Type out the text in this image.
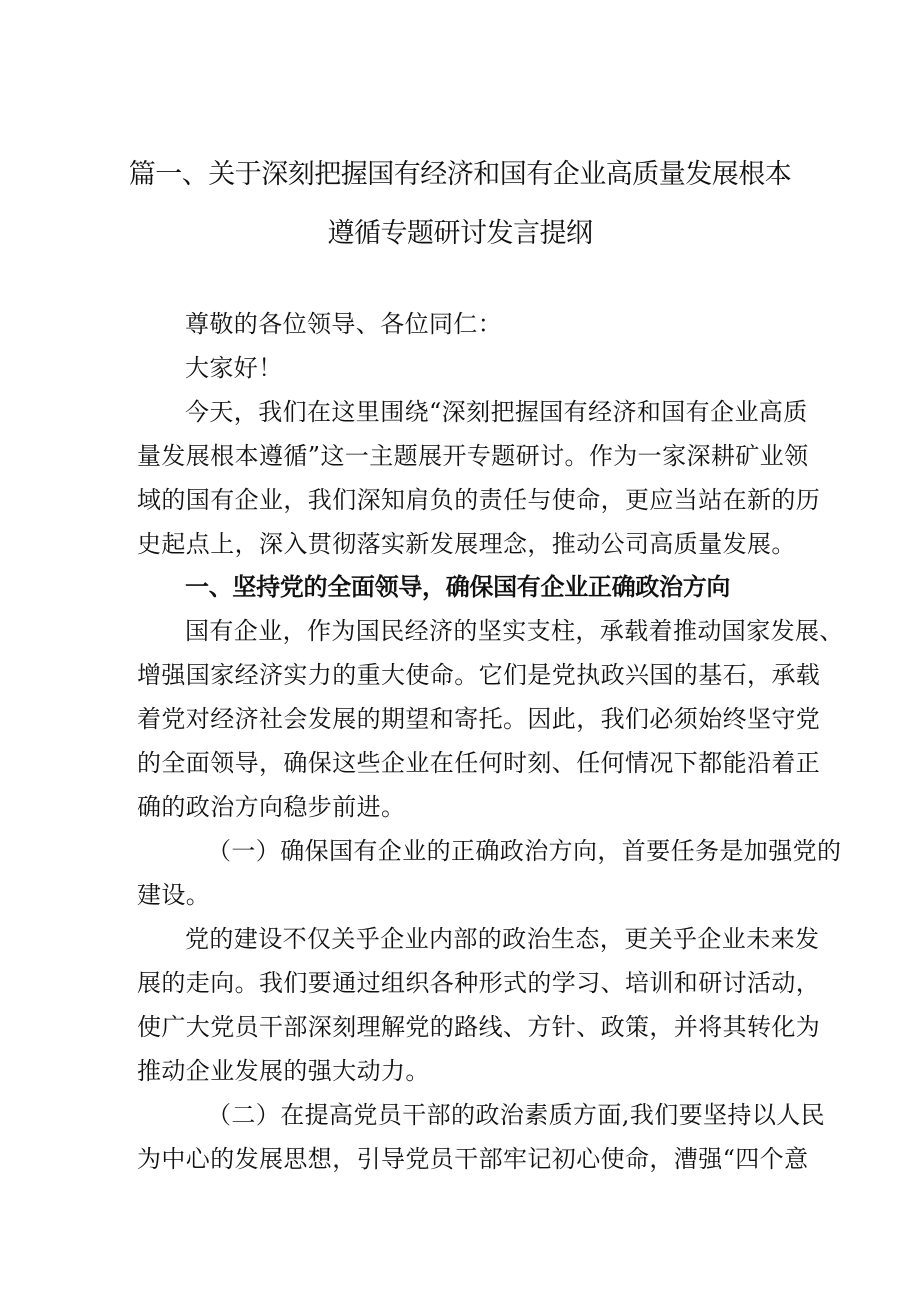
篇一、关于深刻把握国有经济和国有企业高质量发展根本
遵循专题研讨发言提纲
尊敬的各位领导、各位同仁：
大家好！
今天，我们在这里围绕“深刻把握国有经济和国有企业高质
量发展根本遵循”这一主题展开专题研讨。作为一家深耕矿业领
域的国有企业，我们深知肩负的责任与使命，更应当站在新的历
史起点上，深入贯彻落实新发展理念，推动公司高质量发展。
一、坚持党的全面领导，确保国有企业正确政治方向
国有企业，作为国民经济的坚实支柱，承载着推动国家发展、
增强国家经济实力的重大使命。它们是党执政兴国的基石，承载
着党对经济社会发展的期望和寄托。因此，我们必须始终坚守党
的全面领导，确保这些企业在任何时刻、任何情况下都能沿着正
确的政治方向稳步前进。
（一）确保国有企业的正确政治方向，首要任务是加强党的
建设。
党的建设不仅关乎企业内部的政治生态，更关乎企业未来发
展的走向。我们要通过组织各种形式的学习、培训和研讨活动，
使广大党员干部深刻理解党的路线、方针、政策，并将其转化为
推动企业发展的强大动力。
（二）在提高党员干部的政治素质方面,我们要坚持以人民
为中心的发展思想，引导党员干部牢记初心使命，漕强“四个意
